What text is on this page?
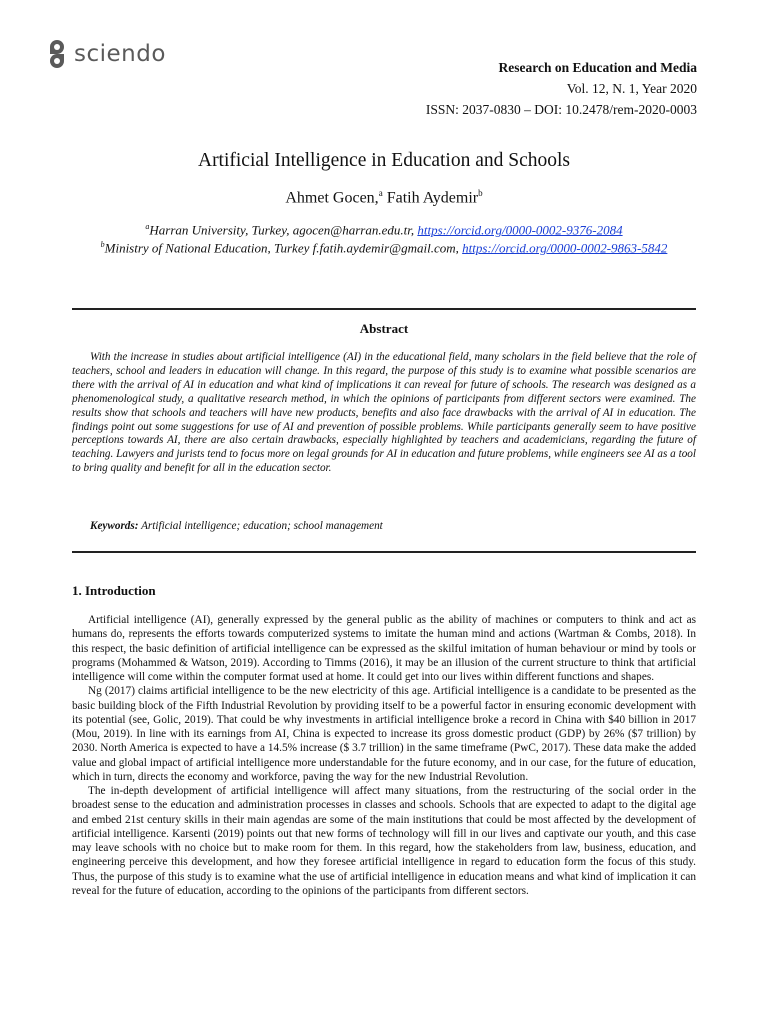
sciendo
Research on Education and Media
Vol. 12, N. 1, Year 2020
ISSN: 2037-0830 – DOI: 10.2478/rem-2020-0003
Artificial Intelligence in Education and Schools
Ahmet Gocen,$^a$ Fatih Aydemir$^b$
$^a$Harran University, Turkey, agocen@harran.edu.tr, https://orcid.org/0000-0002-9376-2084
$^b$Ministry of National Education, Turkey f.fatih.aydemir@gmail.com, https://orcid.org/0000-0002-9863-5842
Abstract

With the increase in studies about artificial intelligence (AI) in the educational field, many scholars in the field believe that the role of teachers, school and leaders in education will change. In this regard, the purpose of this study is to examine what possible scenarios are there with the arrival of AI in education and what kind of implications it can reveal for future of schools. The research was designed as a phenomenological study, a qualitative research method, in which the opinions of participants from different sectors were examined. The results show that schools and teachers will have new products, benefits and also face drawbacks with the arrival of AI in education. The findings point out some suggestions for use of AI and prevention of possible problems. While participants generally seem to have positive perceptions towards AI, there are also certain drawbacks, especially highlighted by teachers and academicians, regarding the future of teaching. Lawyers and jurists tend to focus more on legal grounds for AI in education and future problems, while engineers see AI as a tool to bring quality and benefit for all in the education sector.

Keywords: Artificial intelligence; education; school management
1. Introduction

Artificial intelligence (AI), generally expressed by the general public as the ability of machines or computers to think and act as humans do, represents the efforts towards computerized systems to imitate the human mind and actions (Wartman & Combs, 2018). In this respect, the basic definition of artificial intelligence can be expressed as the skilful imitation of human behaviour or mind by tools or programs (Mohammed & Watson, 2019). According to Timms (2016), it may be an illusion of the current structure to think that artificial intelligence will come within the computer format used at home. It could get into our lives within different functions and shapes.

Ng (2017) claims artificial intelligence to be the new electricity of this age. Artificial intelligence is a candidate to be presented as the basic building block of the Fifth Industrial Revolution by providing itself to be a powerful factor in ensuring economic development with its potential (see, Golic, 2019). That could be why investments in artificial intelligence broke a record in China with $40 billion in 2017 (Mou, 2019). In line with its earnings from AI, China is expected to increase its gross domestic product (GDP) by 26% ($7 trillion) by 2030. North America is expected to have a 14.5% increase ($ 3.7 trillion) in the same timeframe (PwC, 2017). These data make the added value and global impact of artificial intelligence more understandable for the future economy, and in our case, for the future of education, which in turn, directs the economy and workforce, paving the way for the new Industrial Revolution.

The in-depth development of artificial intelligence will affect many situations, from the restructuring of the social order in the broadest sense to the education and administration processes in classes and schools. Schools that are expected to adapt to the digital age and embed 21st century skills in their main agendas are some of the main institutions that could be most affected by the development of artificial intelligence. Karsenti (2019) points out that new forms of technology will fill in our lives and captivate our youth, and this case may leave schools with no choice but to make room for them. In this regard, how the stakeholders from law, business, education, and engineering perceive this development, and how they foresee artificial intelligence in regard to education form the focus of this study. Thus, the purpose of this study is to examine what the use of artificial intelligence in education means and what kind of implication it can reveal for the future of education, according to the opinions of the participants from different sectors.
